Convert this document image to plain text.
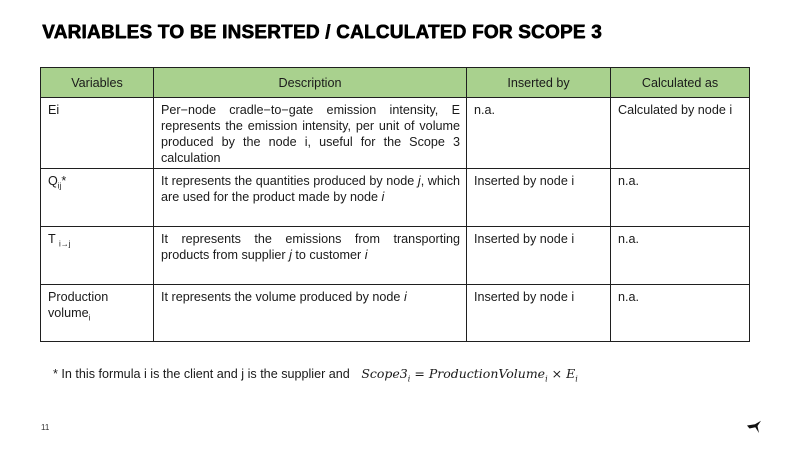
VARIABLES TO BE INSERTED / CALCULATED FOR SCOPE 3
Variables	Description	Inserted by	Calculated as
Ei	Per−node cradle−to−gate emission intensity, E represents the emission intensity, per unit of volume produced by the node i, useful for the Scope 3 calculation	n.a.	Calculated by node i
$Q_{ij}*$	It represents the quantities produced by node j, which are used for the product made by node i	Inserted by node i	n.a.
T $_{i\to j}$	It represents the emissions from transporting products from supplier j to customer i	Inserted by node i	n.a.
Production volume$_i$	It represents the volume produced by node i	Inserted by node i	n.a.
* In this formula i is the client and j is the supplier and $Scope3_i$ = ProductionVolume$_i$ × $E_i$
11
